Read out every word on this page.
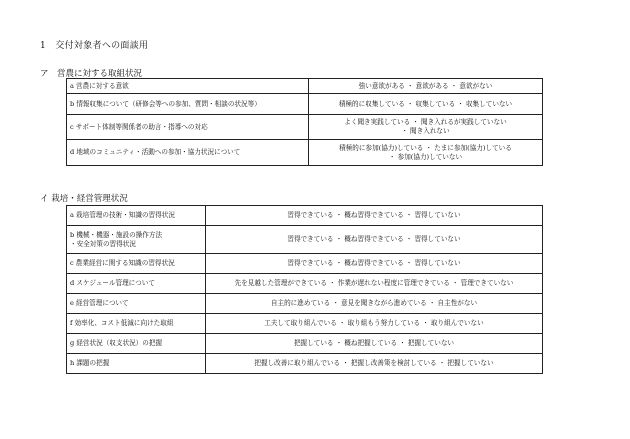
1　交付対象者への面談用
ア　営農に対する取組状況
a 営農に対する意欲	強い意欲がある ・ 意欲がある ・ 意欲がない
b 情報収集について（研修会等への参加、質問・相談の状況等）	積極的に収集している ・ 収集している ・ 収集していない
c サポート体制等関係者の助言・指導への対応	よく聞き実践している ・ 聞き入れるが実践していない
・ 聞き入れない

d 地域のコミュニティ・活動への参加・協力状況について	積極的に参加(協力)している ・ たまに参加(協力)している
・ 参加(協力)していない
イ 栽培・経営管理状況
a 栽培管理の技術・知識の習得状況	習得できている ・ 概ね習得できている ・ 習得していない

b 機械・機器・施設の操作方法
・安全対策の習得状況	習得できている ・ 概ね習得できている ・ 習得していない
c 農業経営に関する知識の習得状況	習得できている ・ 概ね習得できている ・ 習得していない
d スケジュール管理について	先を見越した管理ができている ・ 作業が遅れない程度に管理できている ・ 管理できていない
e 経営管理について	自主的に進めている ・ 意見を聞きながら進めている ・ 自主性がない
f 効率化、コスト低減に向けた取組	工夫して取り組んでいる ・ 取り組もう努力している ・ 取り組んでいない
g 経営状況（収支状況）の把握	把握している ・ 概ね把握している ・ 把握していない
h 課題の把握	把握し改善に取り組んでいる ・ 把握し改善策を検討している ・ 把握していない
